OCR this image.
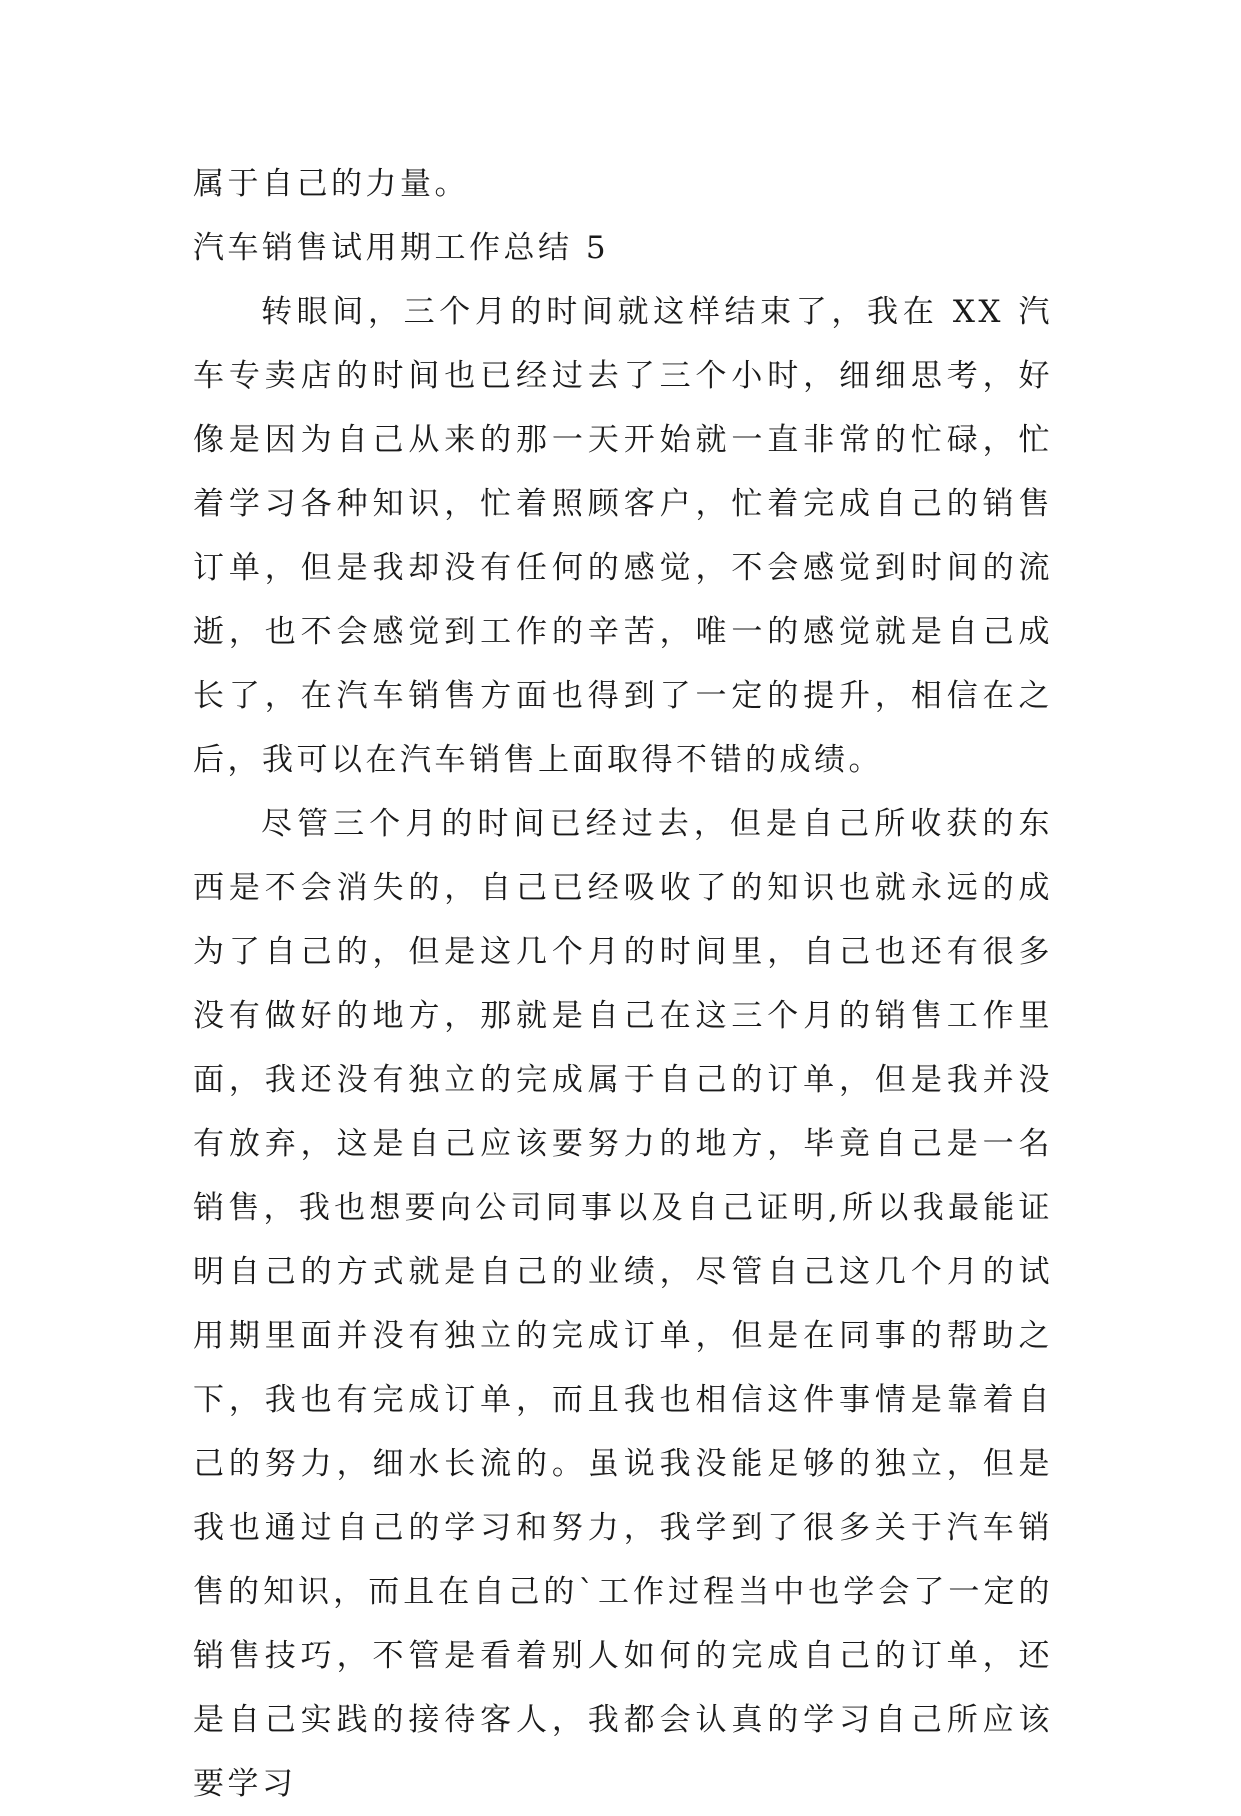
属于自己的力量。

汽车销售试用期工作总结 5

转眼间，三个月的时间就这样结束了，我在 XX 汽车专卖店的时间也已经过去了三个小时，细细思考，好像是因为自己从来的那一天开始就一直非常的忙碌，忙着学习各种知识，忙着照顾客户，忙着完成自己的销售订单，但是我却没有任何的感觉，不会感觉到时间的流逝，也不会感觉到工作的辛苦，唯一的感觉就是自己成长了，在汽车销售方面也得到了一定的提升，相信在之后，我可以在汽车销售上面取得不错的成绩。

尽管三个月的时间已经过去，但是自己所收获的东西是不会消失的，自己已经吸收了的知识也就永远的成为了自己的，但是这几个月的时间里，自己也还有很多没有做好的地方，那就是自己在这三个月的销售工作里面，我还没有独立的完成属于自己的订单，但是我并没有放弃，这是自己应该要努力的地方，毕竟自己是一名销售，我也想要向公司同事以及自己证明,所以我最能证明自己的方式就是自己的业绩，尽管自己这几个月的试用期里面并没有独立的完成订单，但是在同事的帮助之下，我也有完成订单，而且我也相信这件事情是靠着自己的努力，细水长流的。虽说我没能足够的独立，但是我也通过自己的学习和努力，我学到了很多关于汽车销售的知识，而且在自己的`工作过程当中也学会了一定的销售技巧，不管是看着别人如何的完成自己的订单，还是自己实践的接待客人，我都会认真的学习自己所应该要学习
